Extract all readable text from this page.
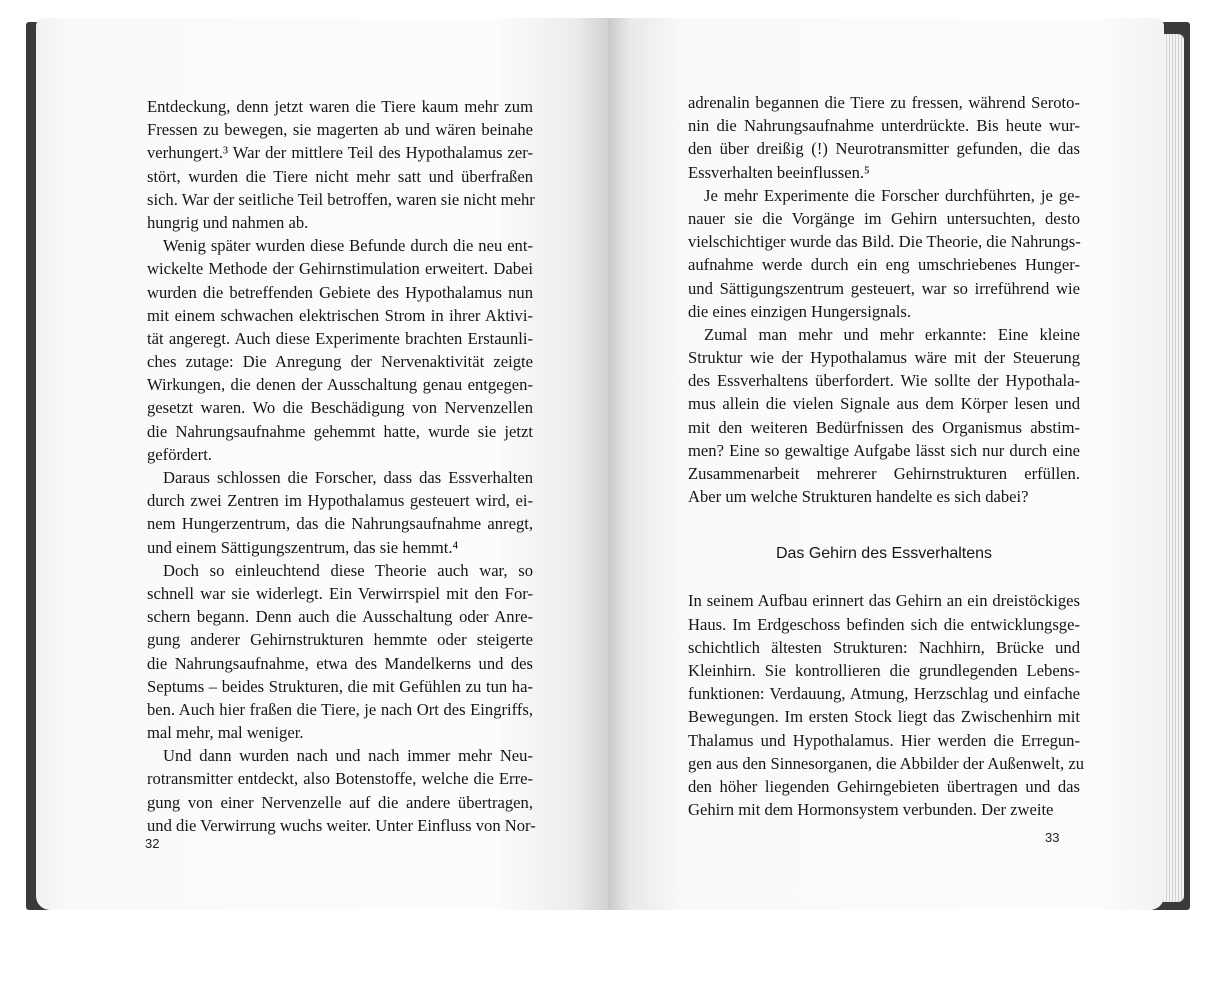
Entdeckung, denn jetzt waren die Tiere kaum mehr zum
Fressen zu bewegen, sie magerten ab und wären beinahe
verhungert.³ War der mittlere Teil des Hypothalamus zer-
stört, wurden die Tiere nicht mehr satt und überfraßen
sich. War der seitliche Teil betroffen, waren sie nicht mehr
hungrig und nahmen ab.
Wenig später wurden diese Befunde durch die neu ent-
wickelte Methode der Gehirnstimulation erweitert. Dabei
wurden die betreffenden Gebiete des Hypothalamus nun
mit einem schwachen elektrischen Strom in ihrer Aktivi-
tät angeregt. Auch diese Experimente brachten Erstaunli-
ches zutage: Die Anregung der Nervenaktivität zeigte
Wirkungen, die denen der Ausschaltung genau entgegen-
gesetzt waren. Wo die Beschädigung von Nervenzellen
die Nahrungsaufnahme gehemmt hatte, wurde sie jetzt
gefördert.
Daraus schlossen die Forscher, dass das Essverhalten
durch zwei Zentren im Hypothalamus gesteuert wird, ei-
nem Hungerzentrum, das die Nahrungsaufnahme anregt,
und einem Sättigungszentrum, das sie hemmt.⁴
Doch so einleuchtend diese Theorie auch war, so
schnell war sie widerlegt. Ein Verwirrspiel mit den For-
schern begann. Denn auch die Ausschaltung oder Anre-
gung anderer Gehirnstrukturen hemmte oder steigerte
die Nahrungsaufnahme, etwa des Mandelkerns und des
Septums – beides Strukturen, die mit Gefühlen zu tun ha-
ben. Auch hier fraßen die Tiere, je nach Ort des Eingriffs,
mal mehr, mal weniger.
Und dann wurden nach und nach immer mehr Neu-
rotransmitter entdeckt, also Botenstoffe, welche die Erre-
gung von einer Nervenzelle auf die andere übertragen,
und die Verwirrung wuchs weiter. Unter Einfluss von Nor-
32
adrenalin begannen die Tiere zu fressen, während Seroto-
nin die Nahrungsaufnahme unterdrückte. Bis heute wur-
den über dreißig (!) Neurotransmitter gefunden, die das
Essverhalten beeinflussen.⁵
Je mehr Experimente die Forscher durchführten, je ge-
nauer sie die Vorgänge im Gehirn untersuchten, desto
vielschichtiger wurde das Bild. Die Theorie, die Nahrungs-
aufnahme werde durch ein eng umschriebenes Hunger-
und Sättigungszentrum gesteuert, war so irreführend wie
die eines einzigen Hungersignals.
Zumal man mehr und mehr erkannte: Eine kleine
Struktur wie der Hypothalamus wäre mit der Steuerung
des Essverhaltens überfordert. Wie sollte der Hypothala-
mus allein die vielen Signale aus dem Körper lesen und
mit den weiteren Bedürfnissen des Organismus abstim-
men? Eine so gewaltige Aufgabe lässt sich nur durch eine
Zusammenarbeit mehrerer Gehirnstrukturen erfüllen.
Aber um welche Strukturen handelte es sich dabei?
Das Gehirn des Essverhaltens
In seinem Aufbau erinnert das Gehirn an ein dreistöckiges
Haus. Im Erdgeschoss befinden sich die entwicklungsge-
schichtlich ältesten Strukturen: Nachhirn, Brücke und
Kleinhirn. Sie kontrollieren die grundlegenden Lebens-
funktionen: Verdauung, Atmung, Herzschlag und einfache
Bewegungen. Im ersten Stock liegt das Zwischenhirn mit
Thalamus und Hypothalamus. Hier werden die Erregun-
gen aus den Sinnesorganen, die Abbilder der Außenwelt, zu
den höher liegenden Gehirngebieten übertragen und das
Gehirn mit dem Hormonsystem verbunden. Der zweite
33
